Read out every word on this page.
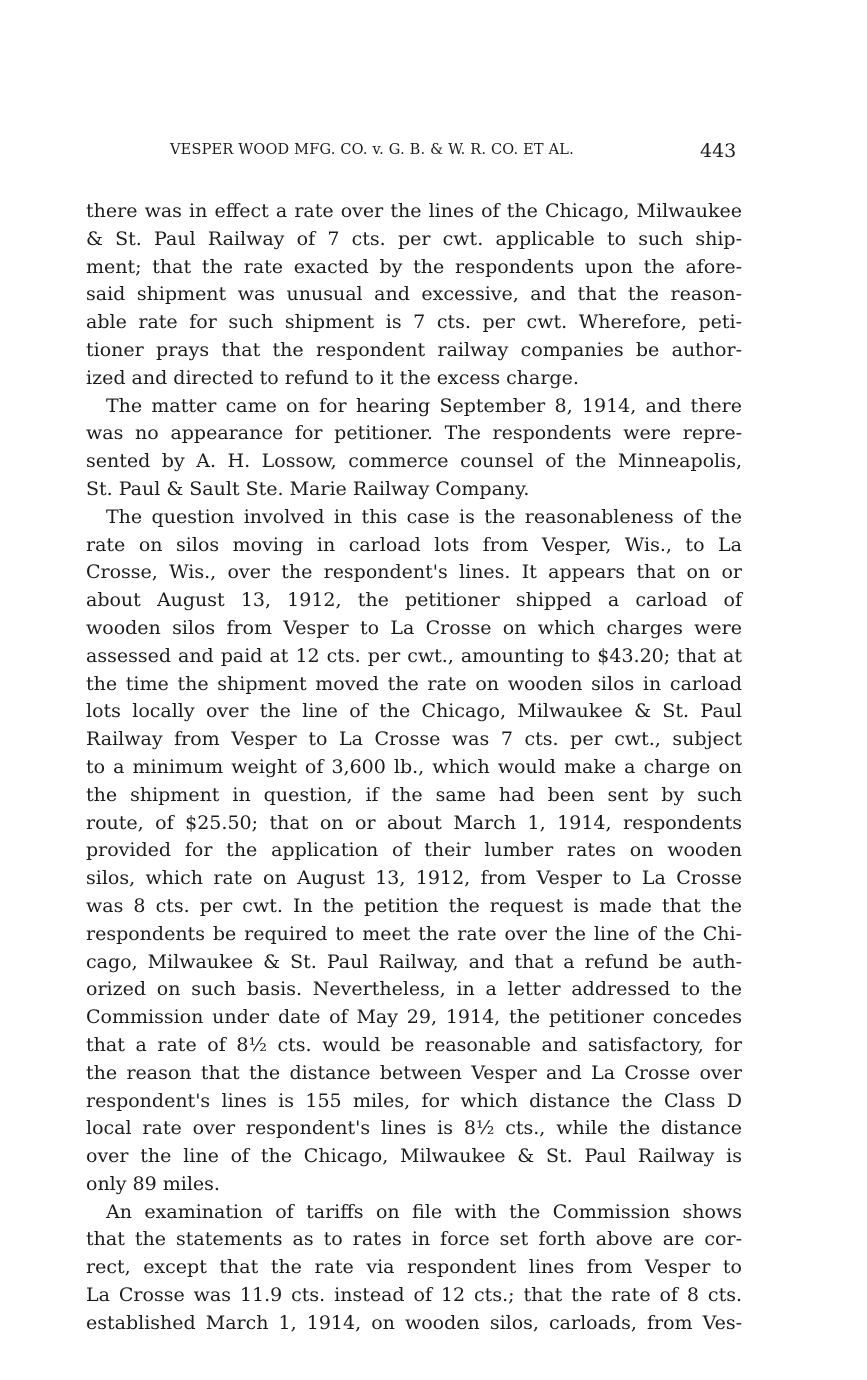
VESPER WOOD MFG. CO. v. G. B. & W. R. CO. ET AL.	443
there was in effect a rate over the lines of the Chicago, Milwaukee
& St. Paul Railway of 7 cts. per cwt. applicable to such ship-
ment; that the rate exacted by the respondents upon the afore-
said shipment was unusual and excessive, and that the reason-
able rate for such shipment is 7 cts. per cwt. Wherefore, peti-
tioner prays that the respondent railway companies be author-
ized and directed to refund to it the excess charge.
The matter came on for hearing September 8, 1914, and there
was no appearance for petitioner. The respondents were repre-
sented by A. H. Lossow, commerce counsel of the Minneapolis,
St. Paul & Sault Ste. Marie Railway Company.
The question involved in this case is the reasonableness of the
rate on silos moving in carload lots from Vesper, Wis., to La
Crosse, Wis., over the respondent's lines. It appears that on or
about August 13, 1912, the petitioner shipped a carload of
wooden silos from Vesper to La Crosse on which charges were
assessed and paid at 12 cts. per cwt., amounting to $43.20; that at
the time the shipment moved the rate on wooden silos in carload
lots locally over the line of the Chicago, Milwaukee & St. Paul
Railway from Vesper to La Crosse was 7 cts. per cwt., subject
to a minimum weight of 3,600 lb., which would make a charge on
the shipment in question, if the same had been sent by such
route, of $25.50; that on or about March 1, 1914, respondents
provided for the application of their lumber rates on wooden
silos, which rate on August 13, 1912, from Vesper to La Crosse
was 8 cts. per cwt. In the petition the request is made that the
respondents be required to meet the rate over the line of the Chi-
cago, Milwaukee & St. Paul Railway, and that a refund be auth-
orized on such basis. Nevertheless, in a letter addressed to the
Commission under date of May 29, 1914, the petitioner concedes
that a rate of 8½ cts. would be reasonable and satisfactory, for
the reason that the distance between Vesper and La Crosse over
respondent's lines is 155 miles, for which distance the Class D
local rate over respondent's lines is 8½ cts., while the distance
over the line of the Chicago, Milwaukee & St. Paul Railway is
only 89 miles.
An examination of tariffs on file with the Commission shows
that the statements as to rates in force set forth above are cor-
rect, except that the rate via respondent lines from Vesper to
La Crosse was 11.9 cts. instead of 12 cts.; that the rate of 8 cts.
established March 1, 1914, on wooden silos, carloads, from Ves-
